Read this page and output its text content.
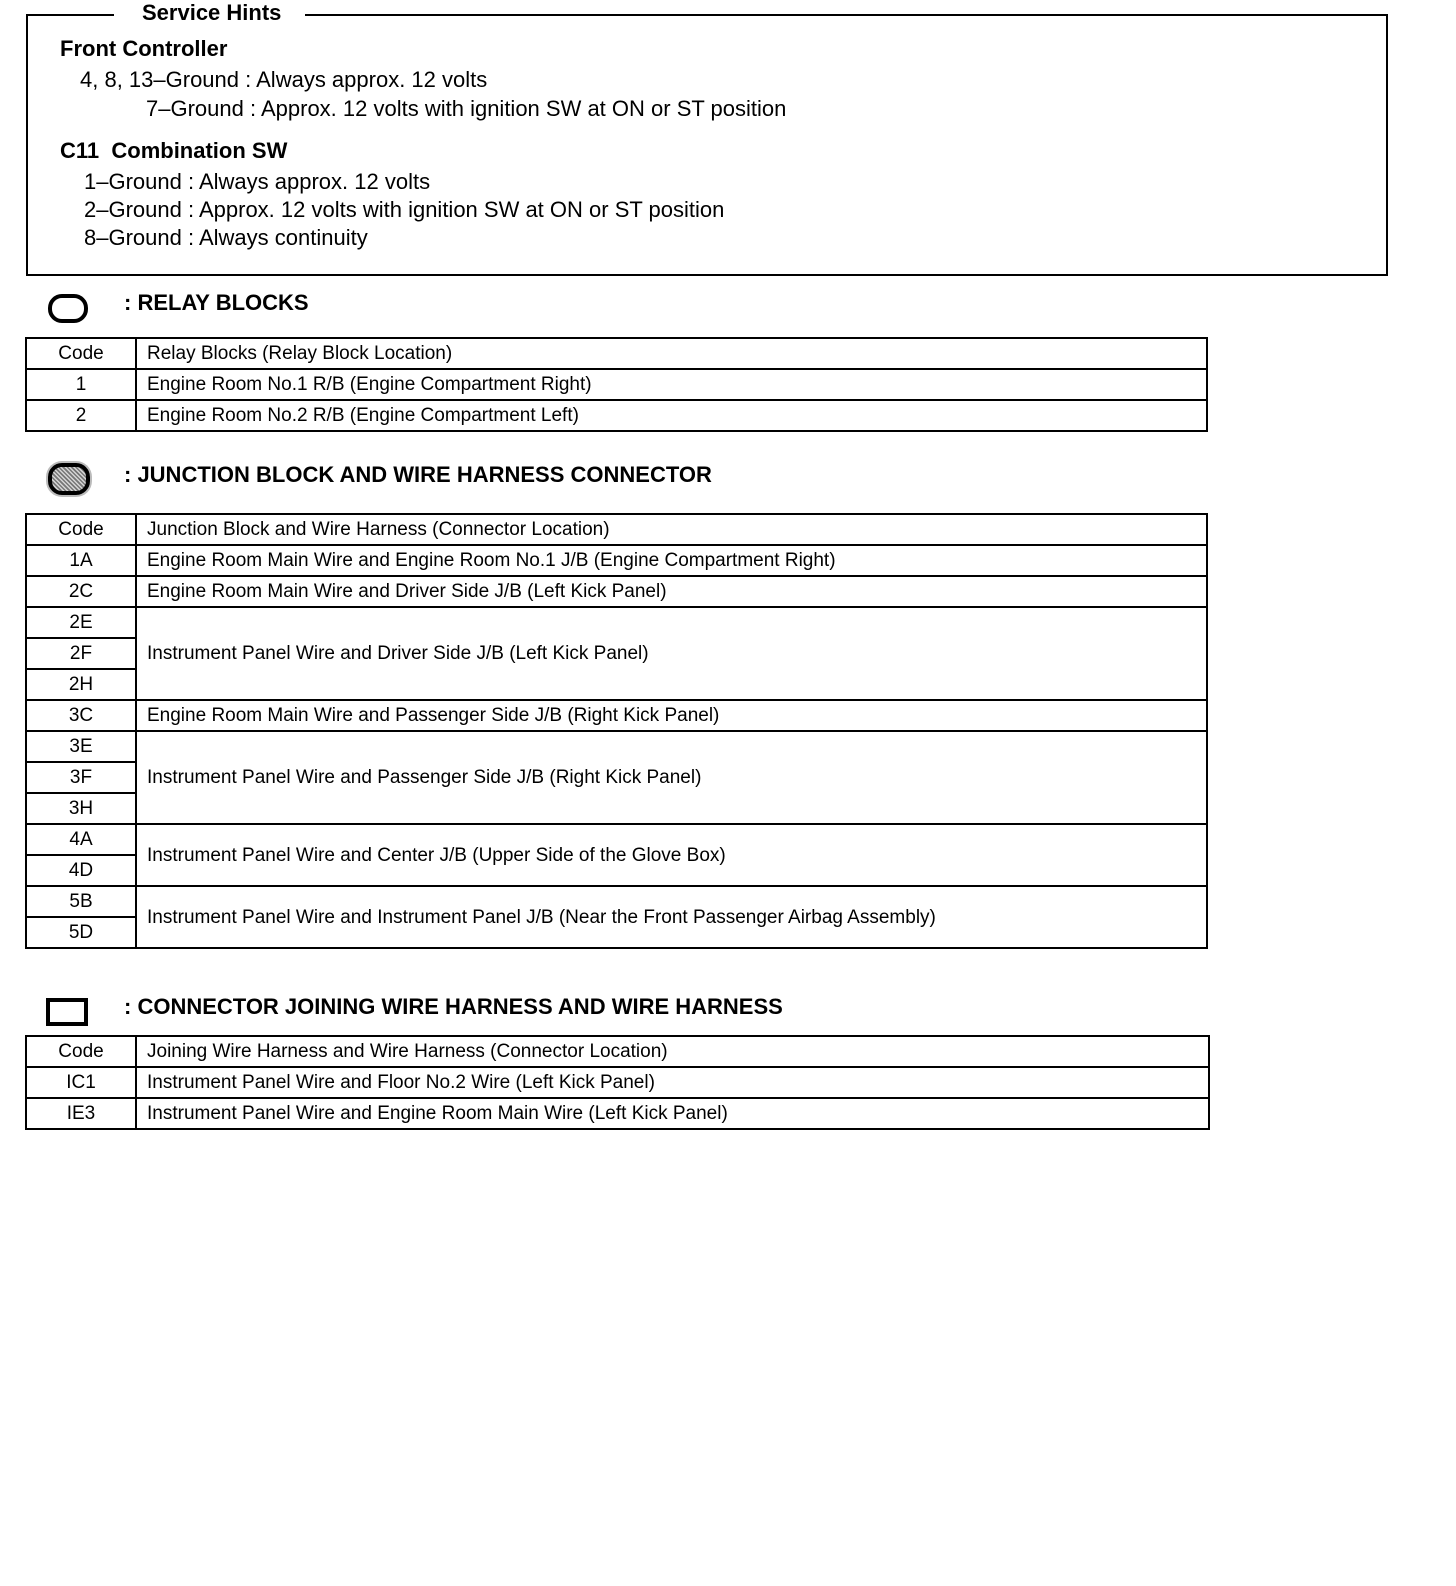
Service Hints
Front Controller
4, 8, 13–Ground : Always approx. 12 volts
7–Ground : Approx. 12 volts with ignition SW at ON or ST position
C11  Combination SW
1–Ground : Always approx. 12 volts
2–Ground : Approx. 12 volts with ignition SW at ON or ST position
8–Ground : Always continuity
: RELAY BLOCKS
Code	Relay Blocks (Relay Block Location)
1	Engine Room No.1 R/B (Engine Compartment Right)
2	Engine Room No.2 R/B (Engine Compartment Left)
: JUNCTION BLOCK AND WIRE HARNESS CONNECTOR
Code	Junction Block and Wire Harness (Connector Location)
1A	Engine Room Main Wire and Engine Room No.1 J/B (Engine Compartment Right)
2C	Engine Room Main Wire and Driver Side J/B (Left Kick Panel)
2E	Instrument Panel Wire and Driver Side J/B (Left Kick Panel)
2F	
2H	
3C	Engine Room Main Wire and Passenger Side J/B (Right Kick Panel)
3E	Instrument Panel Wire and Passenger Side J/B (Right Kick Panel)
3F	
3H	
4A	Instrument Panel Wire and Center J/B (Upper Side of the Glove Box)
4D	
5B	Instrument Panel Wire and Instrument Panel J/B (Near the Front Passenger Airbag Assembly)
5D	
: CONNECTOR JOINING WIRE HARNESS AND WIRE HARNESS
Code	Joining Wire Harness and Wire Harness (Connector Location)
IC1	Instrument Panel Wire and Floor No.2 Wire (Left Kick Panel)
IE3	Instrument Panel Wire and Engine Room Main Wire (Left Kick Panel)
